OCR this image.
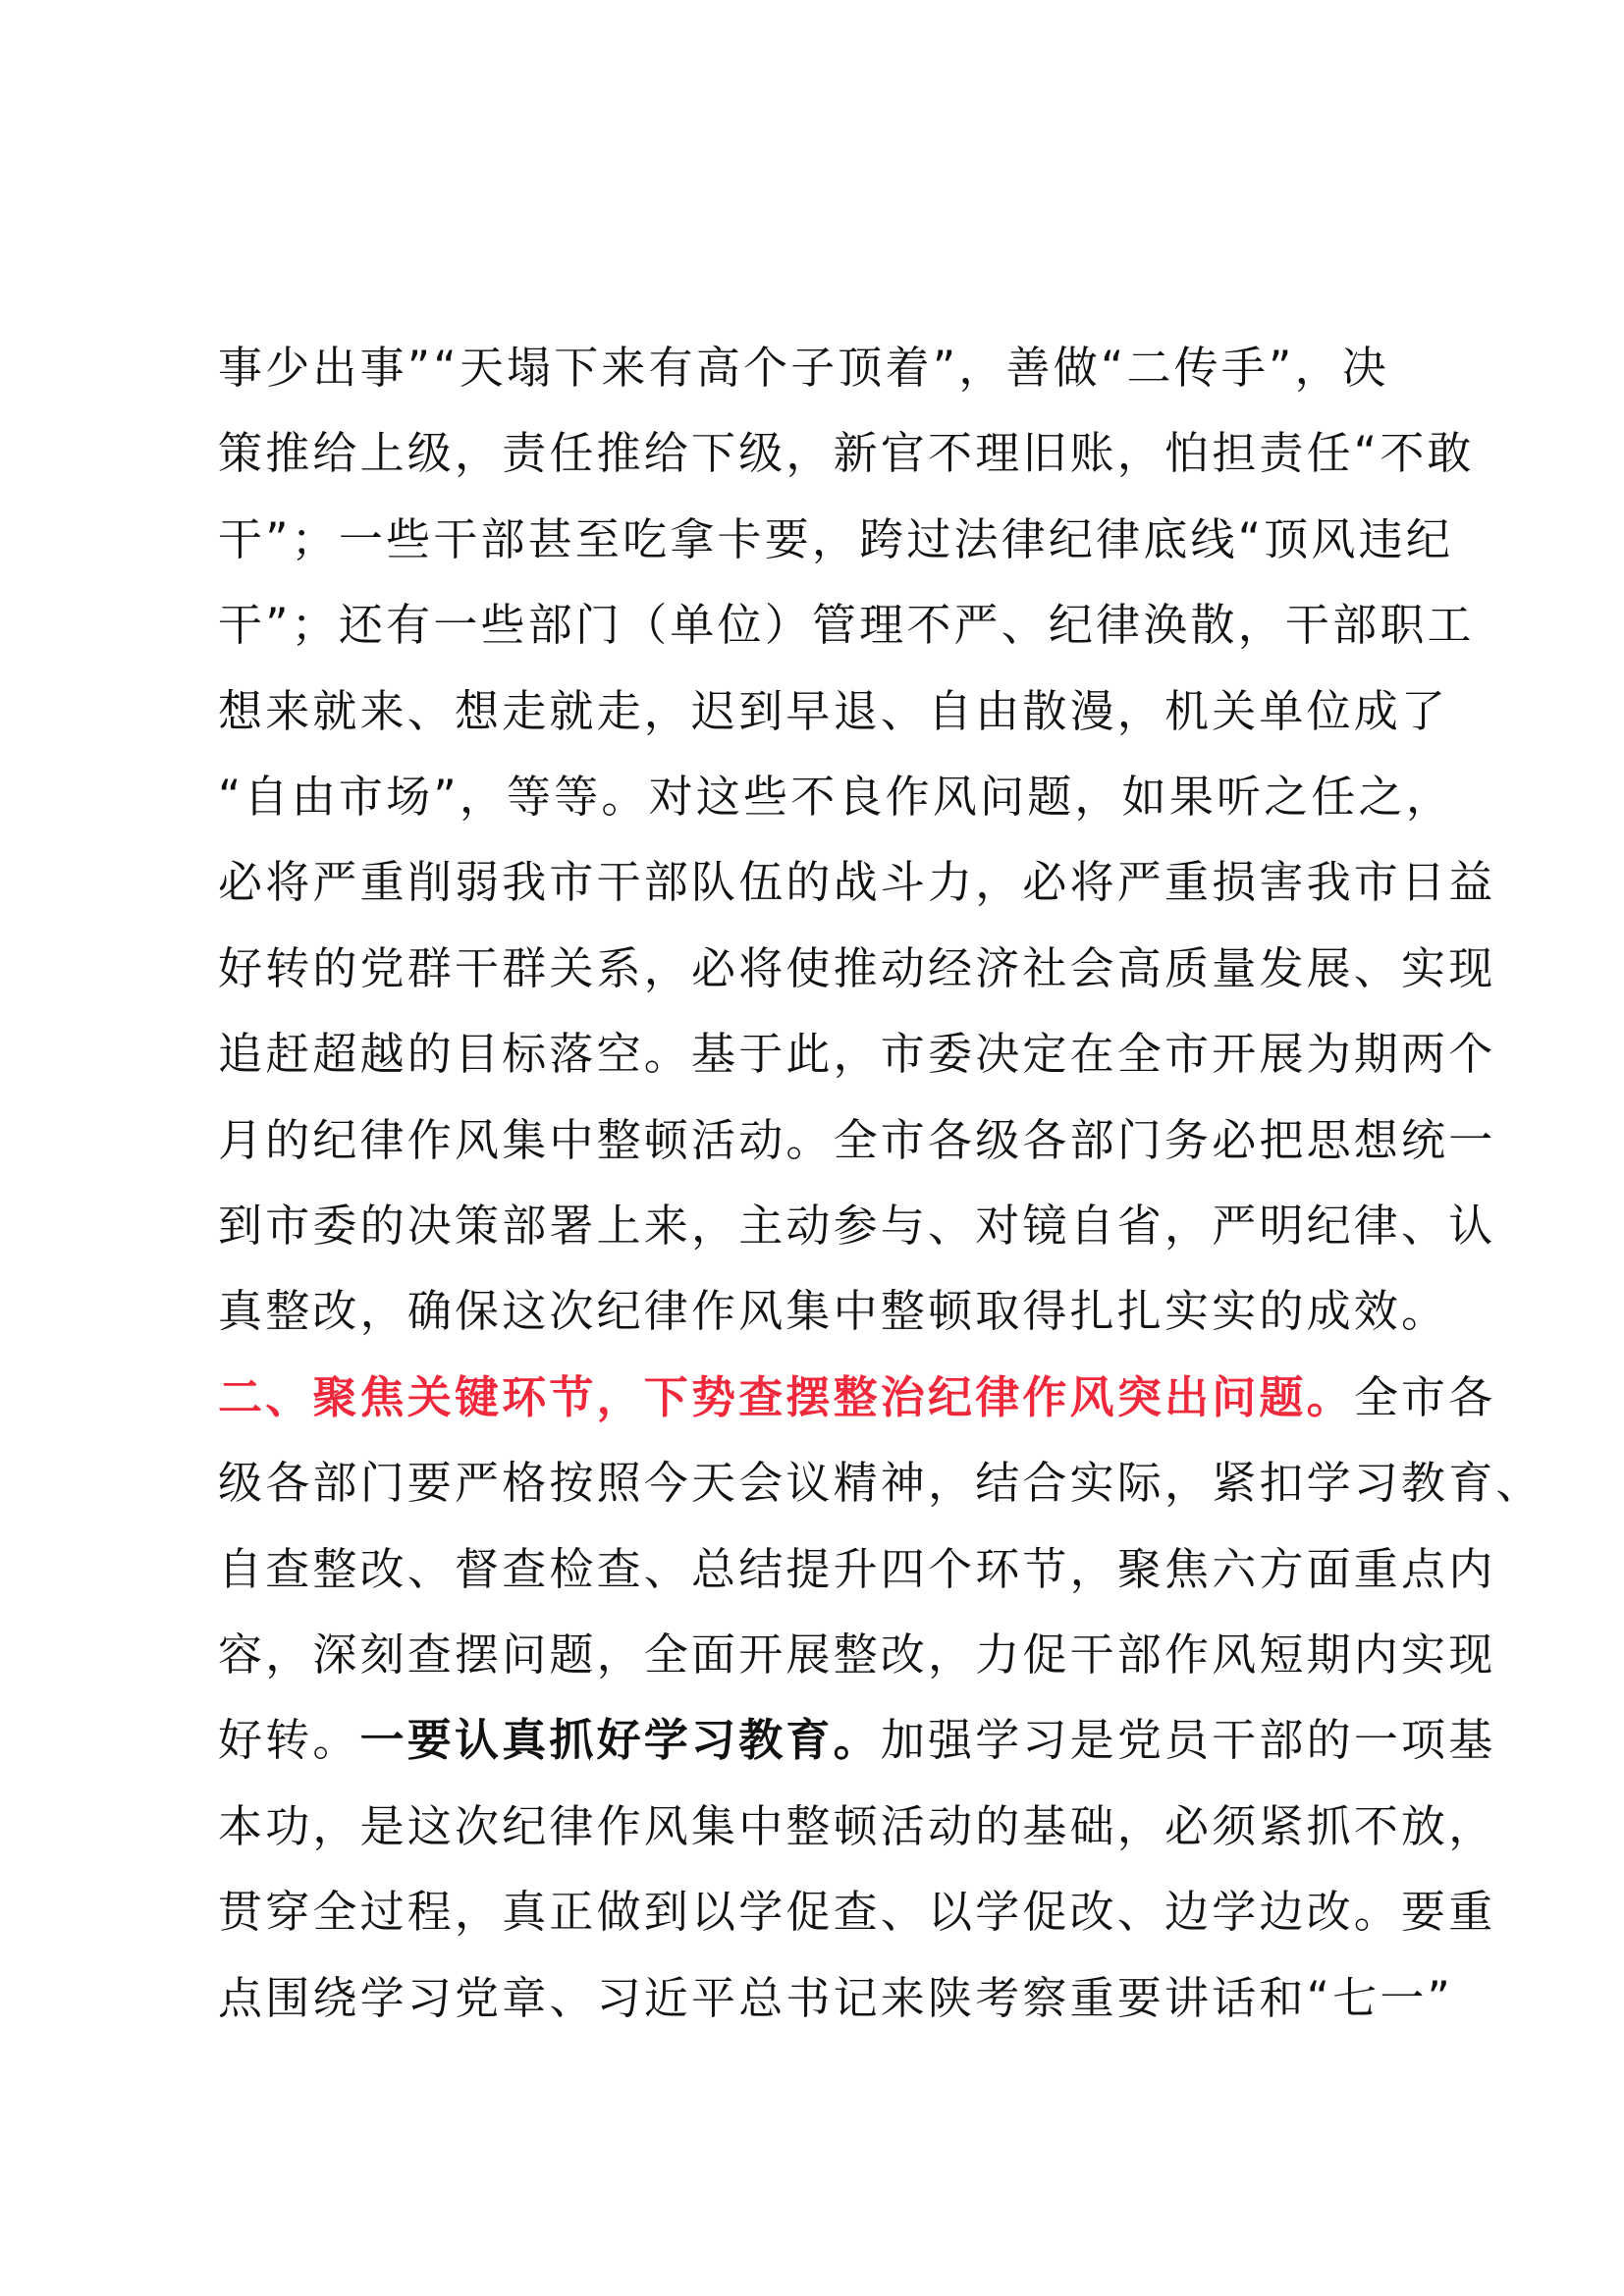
事少出事”“天塌下来有高个子顶着”，善做“二传手”，决
策推给上级，责任推给下级，新官不理旧账，怕担责任“不敢
干”；一些干部甚至吃拿卡要，跨过法律纪律底线“顶风违纪
干”；还有一些部门（单位）管理不严、纪律涣散，干部职工
想来就来、想走就走，迟到早退、自由散漫，机关单位成了
“自由市场”，等等。对这些不良作风问题，如果听之任之，
必将严重削弱我市干部队伍的战斗力，必将严重损害我市日益
好转的党群干群关系，必将使推动经济社会高质量发展、实现
追赶超越的目标落空。基于此，市委决定在全市开展为期两个
月的纪律作风集中整顿活动。全市各级各部门务必把思想统一
到市委的决策部署上来，主动参与、对镜自省，严明纪律、认
真整改，确保这次纪律作风集中整顿取得扎扎实实的成效。
二、聚焦关键环节，下势查摆整治纪律作风突出问题。全市各
级各部门要严格按照今天会议精神，结合实际，紧扣学习教育、
自查整改、督查检查、总结提升四个环节，聚焦六方面重点内
容，深刻查摆问题，全面开展整改，力促干部作风短期内实现
好转。一要认真抓好学习教育。加强学习是党员干部的一项基
本功，是这次纪律作风集中整顿活动的基础，必须紧抓不放，
贯穿全过程，真正做到以学促查、以学促改、边学边改。要重
点围绕学习党章、习近平总书记来陕考察重要讲话和“七一”
